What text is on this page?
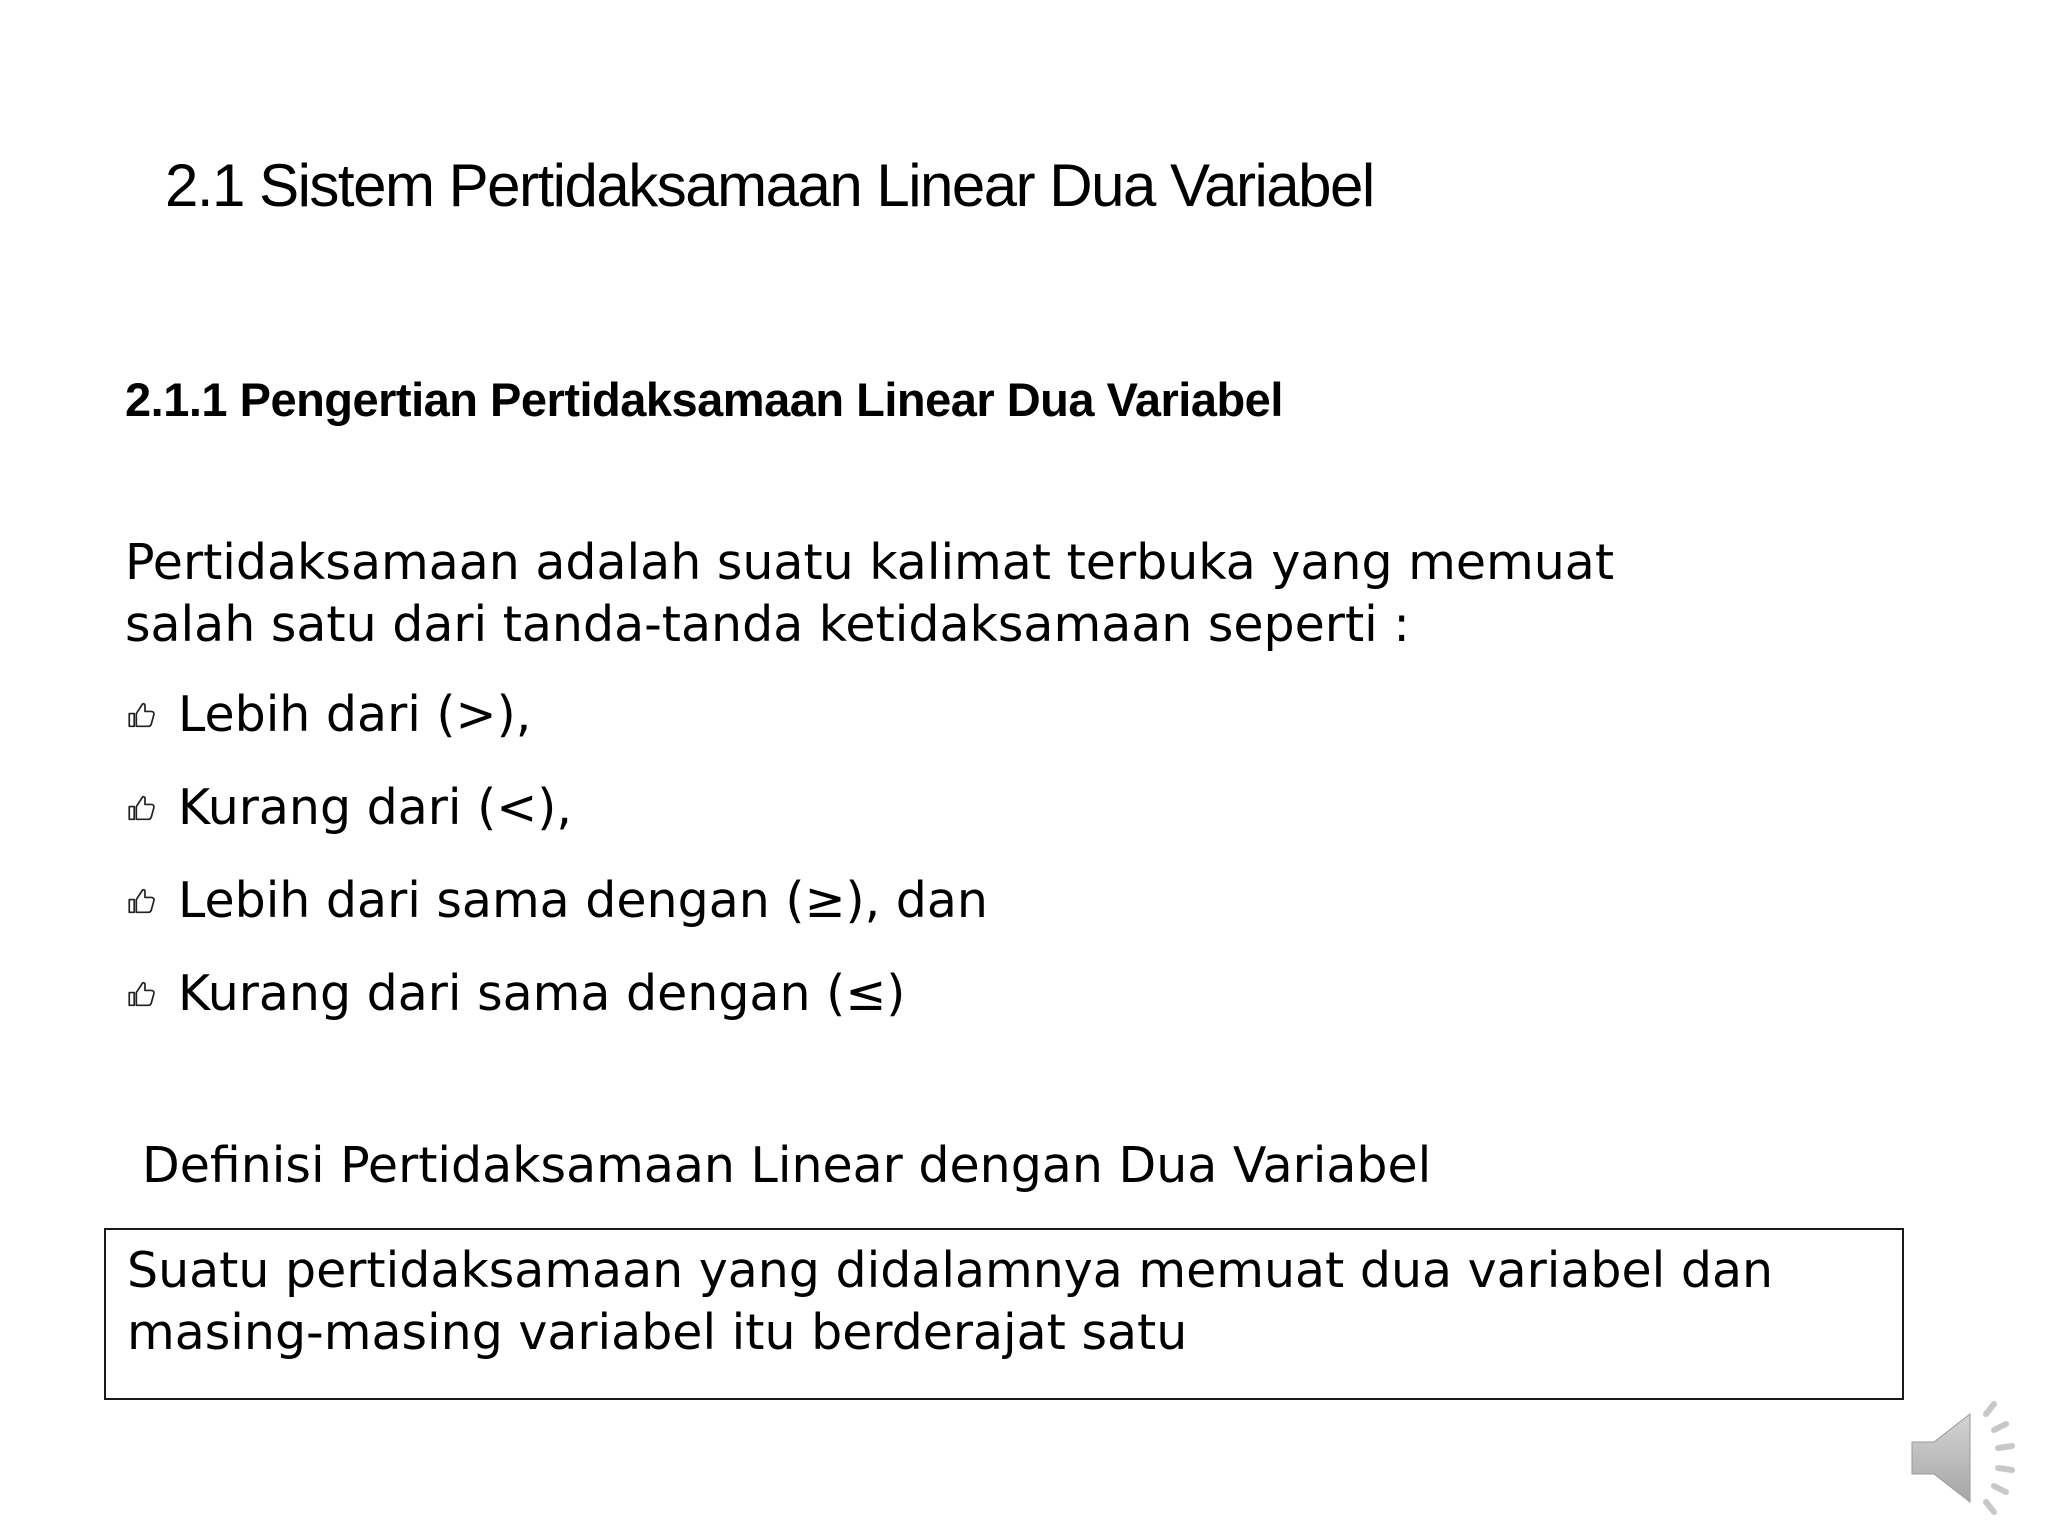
2.1 Sistem Pertidaksamaan Linear Dua Variabel
2.1.1 Pengertian Pertidaksamaan Linear Dua Variabel
Pertidaksamaan adalah suatu kalimat terbuka yang memuat
salah satu dari tanda-tanda ketidaksamaan seperti :
Lebih dari (>),
Kurang dari (<),
Lebih dari sama dengan (≥), dan
Kurang dari sama dengan (≤)
Definisi Pertidaksamaan Linear dengan Dua Variabel
Suatu pertidaksamaan yang didalamnya memuat dua variabel dan
masing-masing variabel itu berderajat satu
